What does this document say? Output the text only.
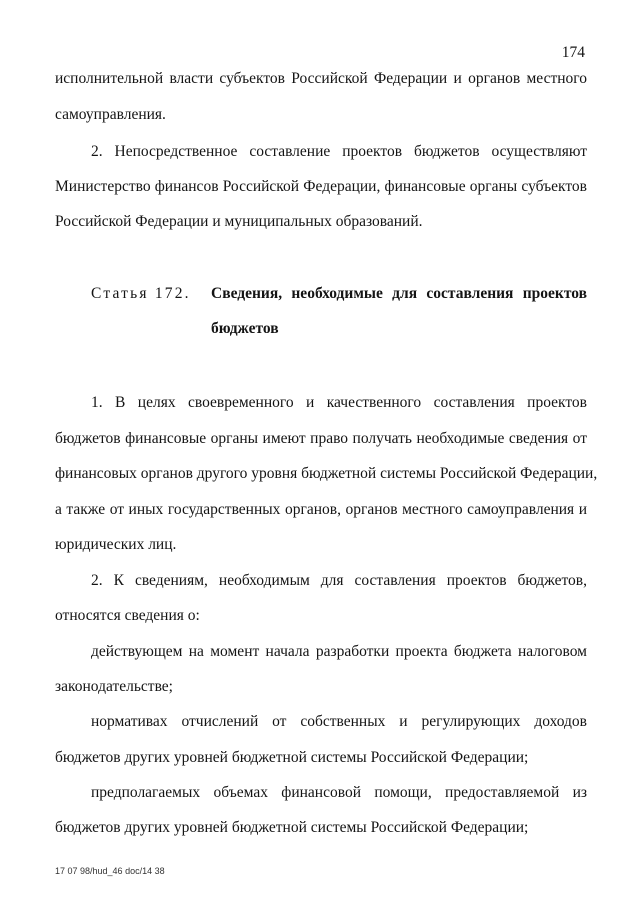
174
исполнительной власти субъектов Российской Федерации и органов местного
самоуправления.
2. Непосредственное составление проектов бюджетов осуществляют
Министерство финансов Российской Федерации, финансовые органы субъектов
Российской Федерации и муниципальных образований.
Статья 172. Сведения, необходимые для составления проектов
бюджетов
1. В целях своевременного и качественного составления проектов
бюджетов финансовые органы имеют право получать необходимые сведения от
финансовых органов другого уровня бюджетной системы Российской Федерации,
а также от иных государственных органов, органов местного самоуправления и
юридических лиц.
2. К сведениям, необходимым для составления проектов бюджетов,
относятся сведения о:
действующем на момент начала разработки проекта бюджета налоговом
законодательстве;
нормативах отчислений от собственных и регулирующих доходов
бюджетов других уровней бюджетной системы Российской Федерации;
предполагаемых объемах финансовой помощи, предоставляемой из
бюджетов других уровней бюджетной системы Российской Федерации;
17 07 98/hud_46 doc/14 38
